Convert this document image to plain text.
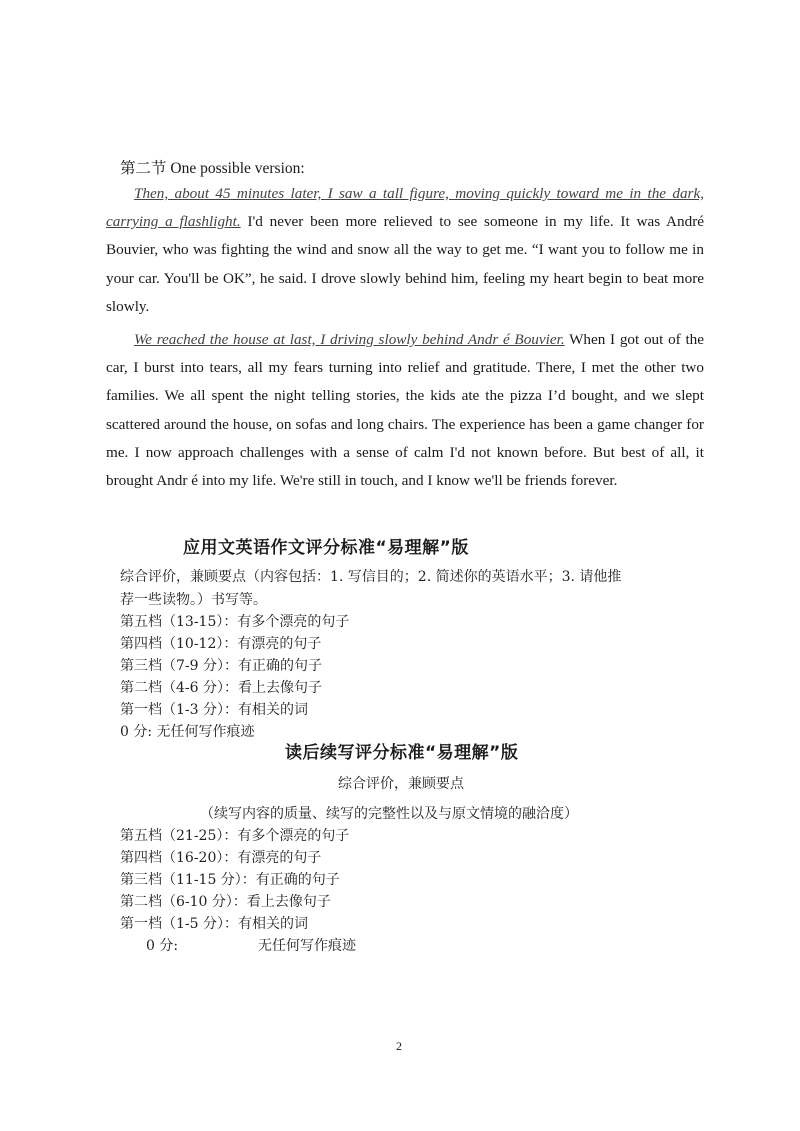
第二节 One possible version:

Then, about 45 minutes later, I saw a tall figure, moving quickly toward me in the dark, carrying a flashlight. I'd never been more relieved to see someone in my life. It was André Bouvier, who was fighting the wind and snow all the way to get me. “I want you to follow me in your car. You'll be OK”, he said. I drove slowly behind him, feeling my heart begin to beat more slowly.

We reached the house at last, I driving slowly behind Andr é Bouvier. When I got out of the car, I burst into tears, all my fears turning into relief and gratitude. There, I met the other two families. We all spent the night telling stories, the kids ate the pizza I’d bought, and we slept scattered around the house, on sofas and long chairs. The experience has been a game changer for me. I now approach challenges with a sense of calm I'd not known before. But best of all, it brought Andr é into my life. We're still in touch, and I know we'll be friends forever.

应用文英语作文评分标准“易理解”版
综合评价，兼顾要点（内容包括：1. 写信目的；2. 简述你的英语水平；3. 请他推
荐一些读物。）书写等。
第五档（13-15）：有多个漂亮的句子
第四档（10-12）：有漂亮的句子
第三档（7-9 分）：有正确的句子
第二档（4-6 分）：看上去像句子
第一档（1-3 分）：有相关的词
0 分: 无任何写作痕迹
读后续写评分标准“易理解”版
综合评价，兼顾要点
（续写内容的质量、续写的完整性以及与原文情境的融洽度）
第五档（21-25）：有多个漂亮的句子
第四档（16-20）：有漂亮的句子
第三档（11-15 分）：有正确的句子
第二档（6-10 分）：看上去像句子
第一档（1-5 分）：有相关的词
0 分:	无任何写作痕迹
2
